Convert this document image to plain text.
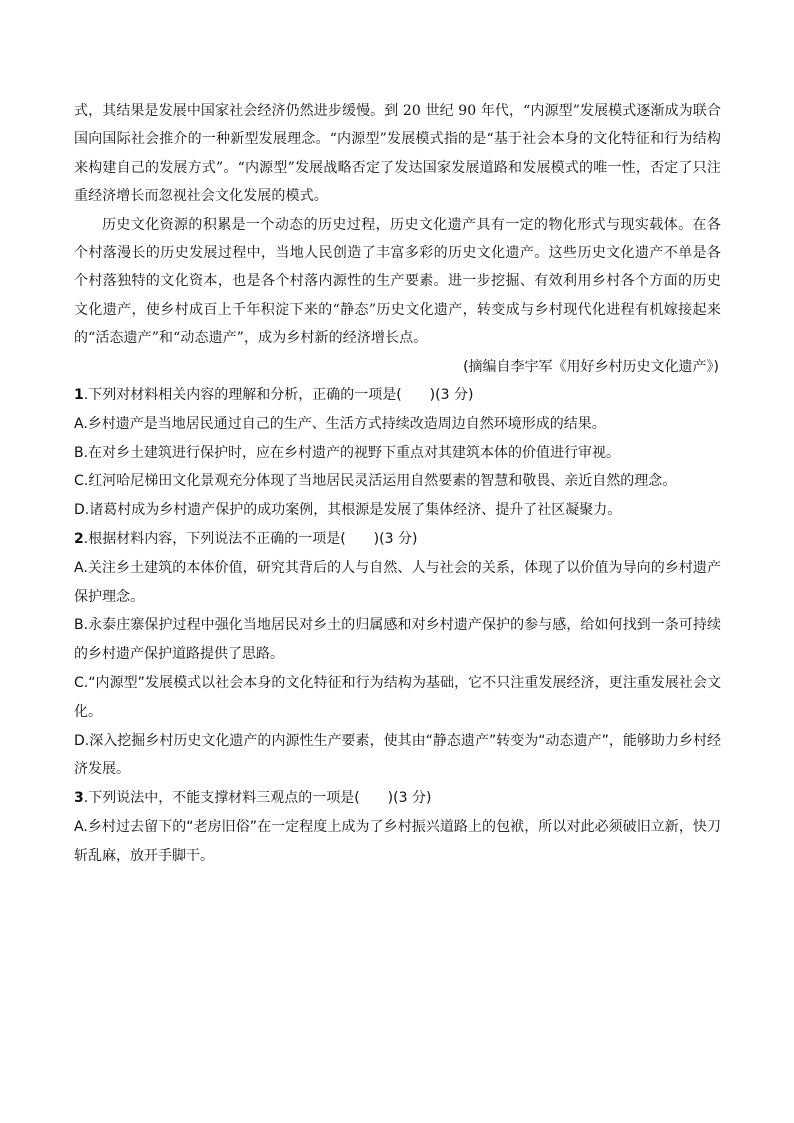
式，其结果是发展中国家社会经济仍然进步缓慢。到 20 世纪 90 年代，“内源型”发展模式逐渐成为联合国向国际社会推介的一种新型发展理念。“内源型”发展模式指的是“基于社会本身的文化特征和行为结构来构建自己的发展方式”。“内源型”发展战略否定了发达国家发展道路和发展模式的唯一性，否定了只注重经济增长而忽视社会文化发展的模式。

历史文化资源的积累是一个动态的历史过程，历史文化遗产具有一定的物化形式与现实载体。在各个村落漫长的历史发展过程中，当地人民创造了丰富多彩的历史文化遗产。这些历史文化遗产不单是各个村落独特的文化资本，也是各个村落内源性的生产要素。进一步挖掘、有效利用乡村各个方面的历史文化遗产，使乡村成百上千年积淀下来的“静态”历史文化遗产，转变成与乡村现代化进程有机嫁接起来的“活态遗产”和“动态遗产”，成为乡村新的经济增长点。

(摘编自李宇军《用好乡村历史文化遗产》)

1.下列对材料相关内容的理解和分析，正确的一项是(　　)(3 分)

A.乡村遗产是当地居民通过自己的生产、生活方式持续改造周边自然环境形成的结果。

B.在对乡土建筑进行保护时，应在乡村遗产的视野下重点对其建筑本体的价值进行审视。

C.红河哈尼梯田文化景观充分体现了当地居民灵活运用自然要素的智慧和敬畏、亲近自然的理念。

D.诸葛村成为乡村遗产保护的成功案例，其根源是发展了集体经济、提升了社区凝聚力。

2.根据材料内容，下列说法不正确的一项是(　　)(3 分)

A.关注乡土建筑的本体价值，研究其背后的人与自然、人与社会的关系，体现了以价值为导向的乡村遗产保护理念。

B.永泰庄寨保护过程中强化当地居民对乡土的归属感和对乡村遗产保护的参与感，给如何找到一条可持续的乡村遗产保护道路提供了思路。

C.“内源型”发展模式以社会本身的文化特征和行为结构为基础，它不只注重发展经济，更注重发展社会文化。

D.深入挖掘乡村历史文化遗产的内源性生产要素，使其由“静态遗产”转变为“动态遗产”，能够助力乡村经济发展。

3.下列说法中，不能支撑材料三观点的一项是(　　)(3 分)

A.乡村过去留下的“老房旧俗”在一定程度上成为了乡村振兴道路上的包袱，所以对此必须破旧立新，快刀斩乱麻，放开手脚干。
